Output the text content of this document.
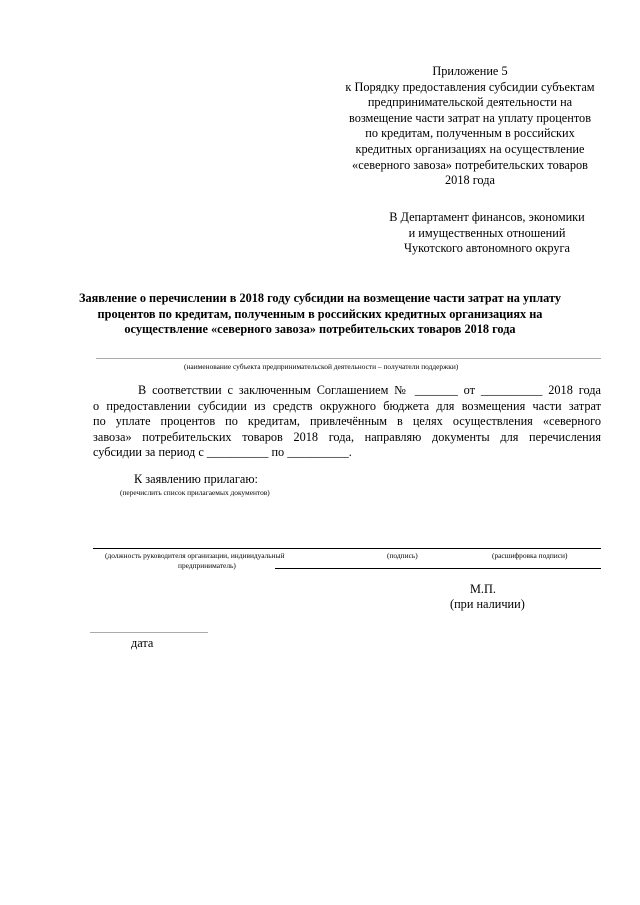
Приложение 5
к Порядку предоставления субсидии субъектам
предпринимательской деятельности на
возмещение части затрат на уплату процентов
по кредитам, полученным в российских
кредитных организациях на осуществление
«северного завоза» потребительских товаров
2018 года
В Департамент финансов, экономики
и имущественных отношений
Чукотского автономного округа
Заявление о перечислении в 2018 году субсидии на возмещение части затрат на уплату
процентов по кредитам, полученным в российских кредитных организациях на
осуществление «северного завоза» потребительских товаров 2018 года
(наименование субъекта предпринимательской деятельности – получатели поддержки)
В соответствии с заключенным Соглашением № _______ от __________ 2018 года
о предоставлении субсидии из средств окружного бюджета для возмещения части затрат
по уплате процентов по кредитам, привлечённым в целях осуществления «северного
завоза» потребительских товаров 2018 года, направляю документы для перечисления
субсидии за период с __________ по __________.
К заявлению прилагаю:
(перечислить список прилагаемых документов)
(должность руководителя организации, индивидуальный
предприниматель)
(подпись)	(расшифровка подписи)
М.П.
(при наличии)
дата
